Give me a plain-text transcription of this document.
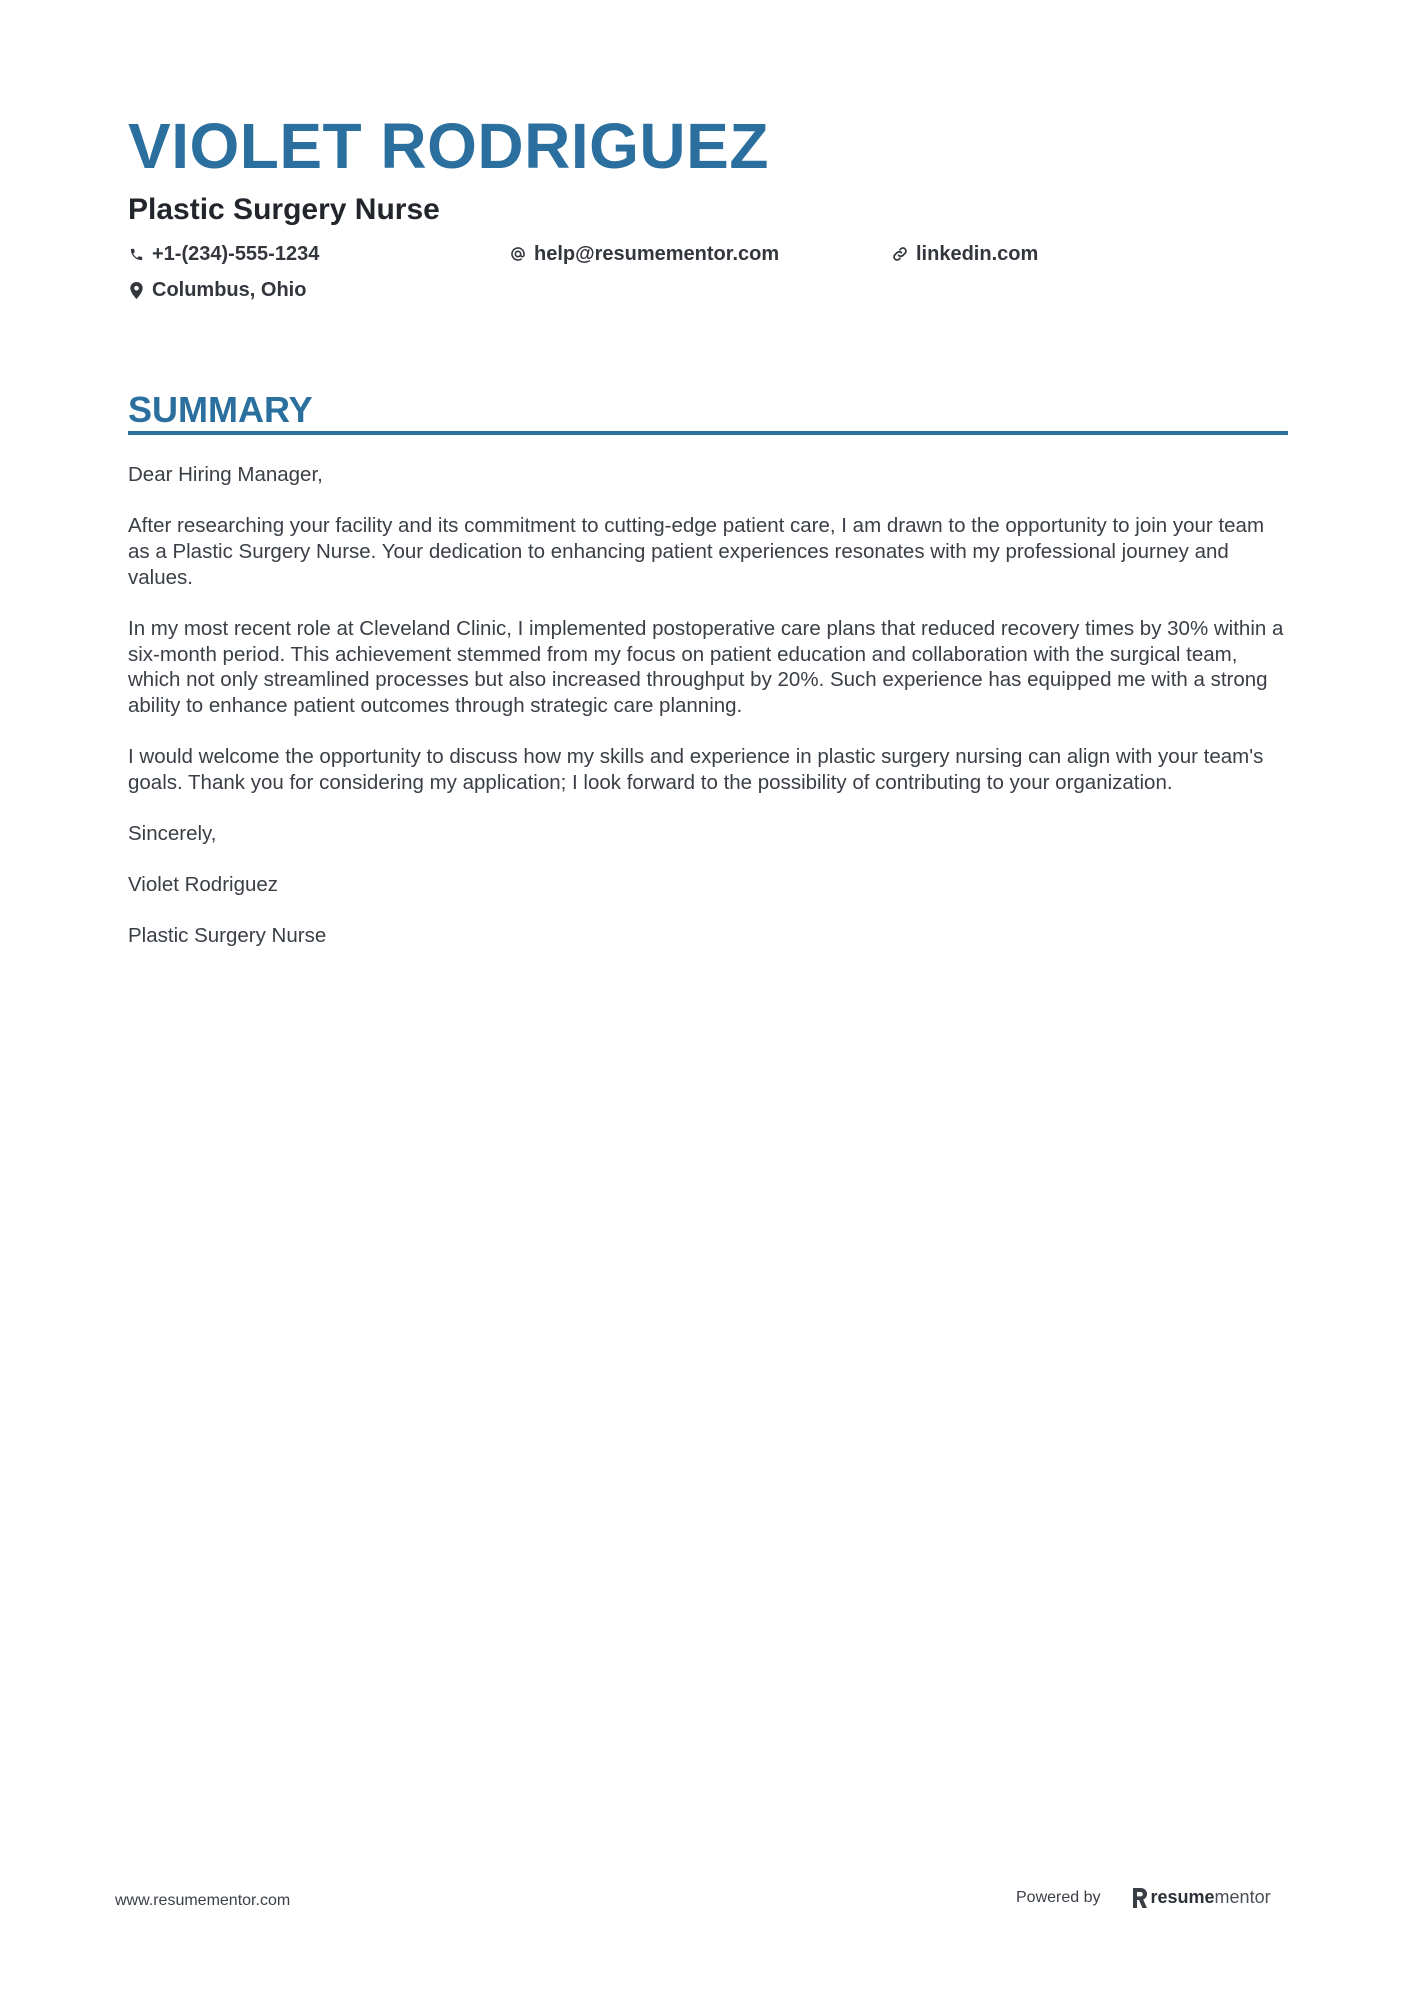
VIOLET RODRIGUEZ
Plastic Surgery Nurse
+1-(234)-555-1234	help@resumementor.com	linkedin.com
Columbus, Ohio
SUMMARY

Dear Hiring Manager,

After researching your facility and its commitment to cutting-edge patient care, I am drawn to the opportunity to join your team as a Plastic Surgery Nurse. Your dedication to enhancing patient experiences resonates with my professional journey and values.

In my most recent role at Cleveland Clinic, I implemented postoperative care plans that reduced recovery times by 30% within a six-month period. This achievement stemmed from my focus on patient education and collaboration with the surgical team, which not only streamlined processes but also increased throughput by 20%. Such experience has equipped me with a strong ability to enhance patient outcomes through strategic care planning.

I would welcome the opportunity to discuss how my skills and experience in plastic surgery nursing can align with your team's goals. Thank you for considering my application; I look forward to the possibility of contributing to your organization.

Sincerely,

Violet Rodriguez

Plastic Surgery Nurse

www.resumementor.com	Powered by	resume mentor
